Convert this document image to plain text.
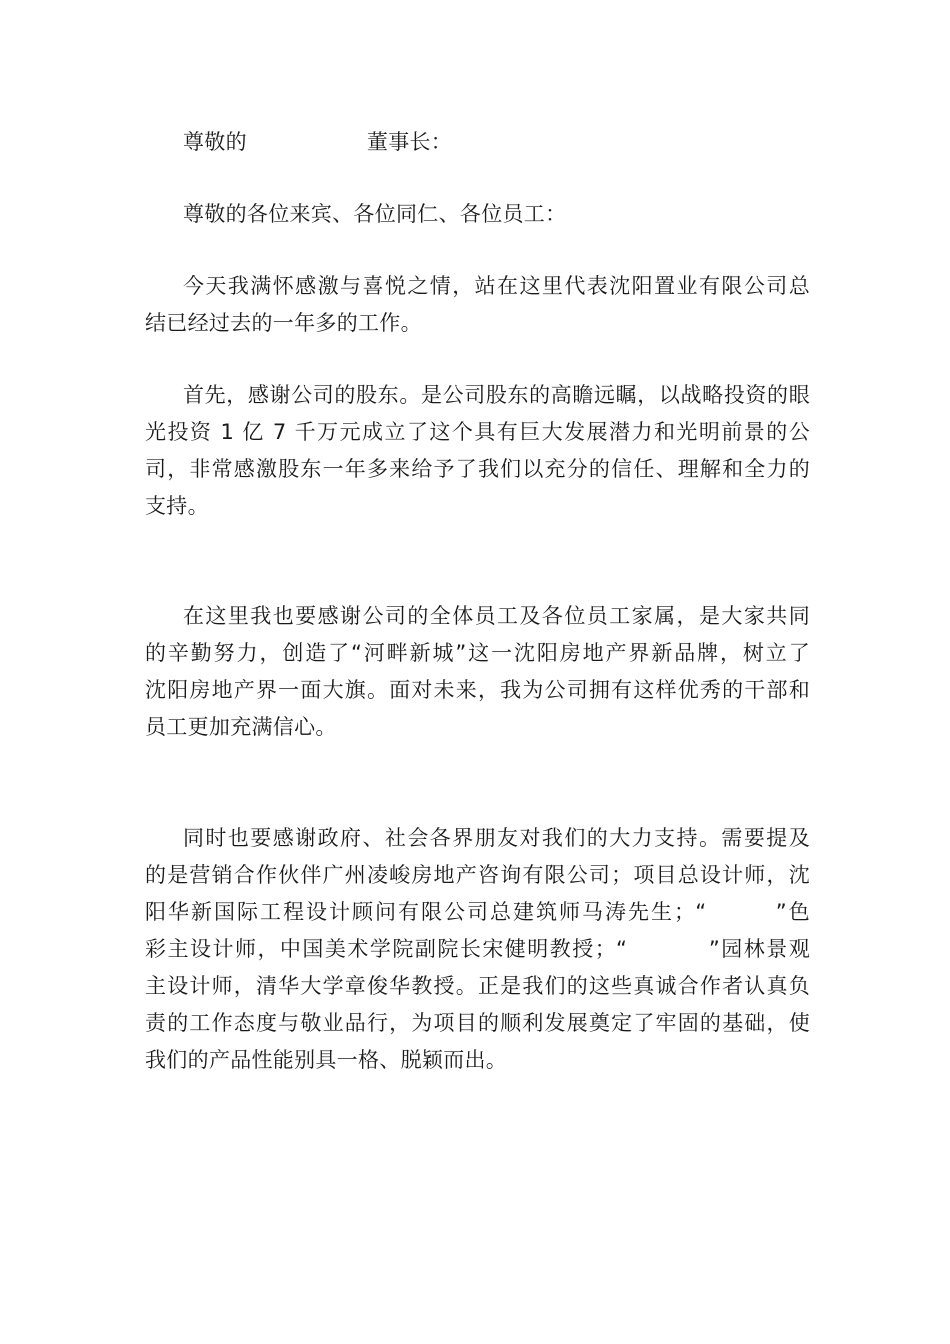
尊敬的	董事长：
尊敬的各位来宾、各位同仁、各位员工：
今天我满怀感激与喜悦之情，站在这里代表沈阳置业有限公司总
结已经过去的一年多的工作。
首先，感谢公司的股东。是公司股东的高瞻远瞩，以战略投资的眼
光投资 1 亿 7 千万元成立了这个具有巨大发展潜力和光明前景的公
司，非常感激股东一年多来给予了我们以充分的信任、理解和全力的
支持。
在这里我也要感谢公司的全体员工及各位员工家属，是大家共同
的辛勤努力，创造了“河畔新城”这一沈阳房地产界新品牌，树立了
沈阳房地产界一面大旗。面对未来，我为公司拥有这样优秀的干部和
员工更加充满信心。
同时也要感谢政府、社会各界朋友对我们的大力支持。需要提及
的是营销合作伙伴广州凌峻房地产咨询有限公司；项目总设计师，沈
阳华新国际工程设计顾问有限公司总建筑师马涛先生；“        ”色
彩主设计师，中国美术学院副院长宋健明教授；“          ”园林景观
主设计师，清华大学章俊华教授。正是我们的这些真诚合作者认真负
责的工作态度与敬业品行，为项目的顺利发展奠定了牢固的基础，使
我们的产品性能别具一格、脱颖而出。
